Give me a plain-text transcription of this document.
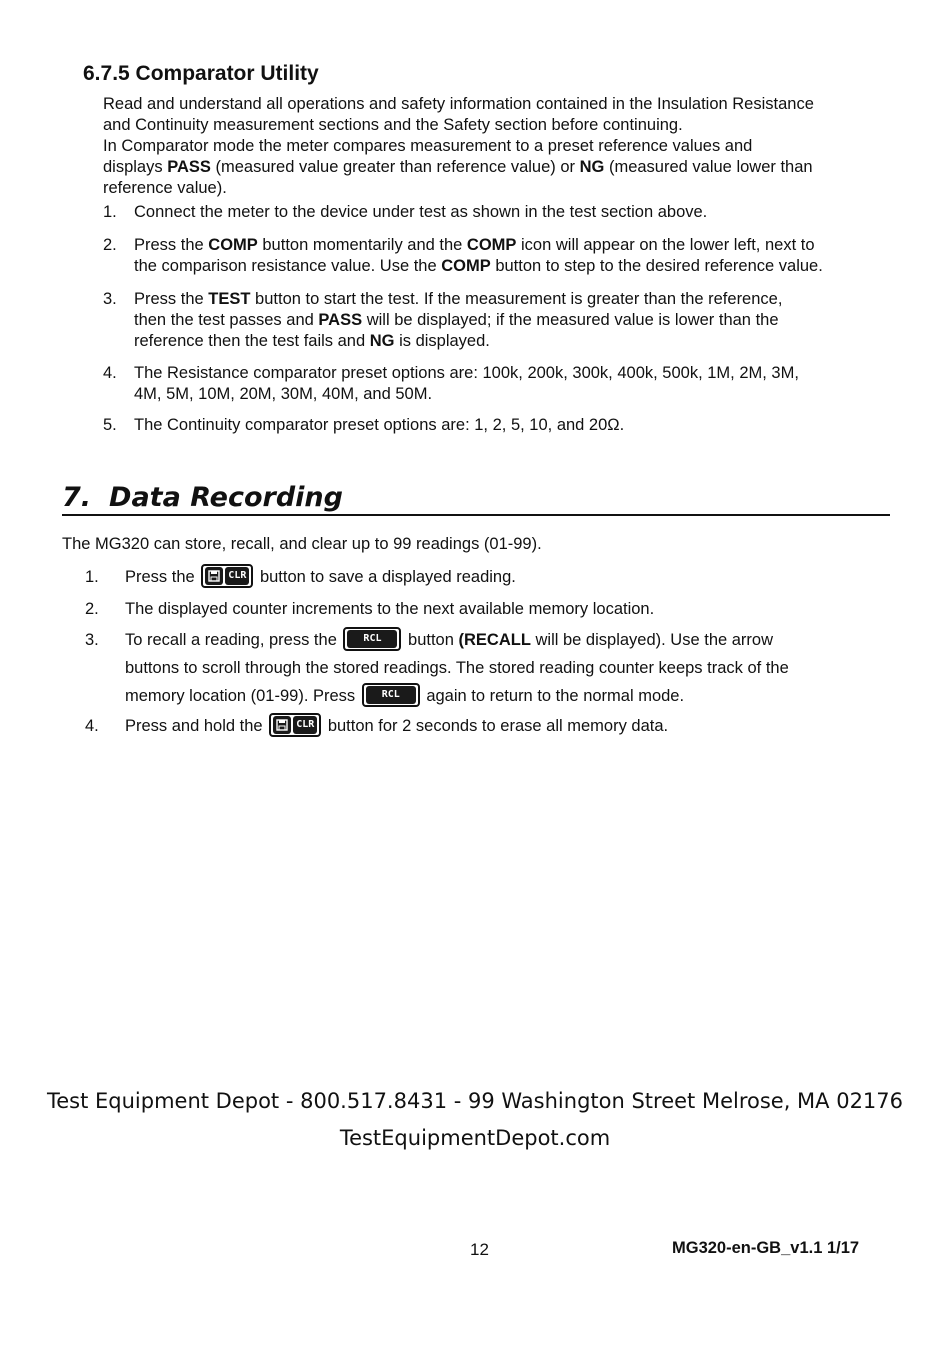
6.7.5 Comparator Utility
Read and understand all operations and safety information contained in the Insulation Resistance
and Continuity measurement sections and the Safety section before continuing.
In Comparator mode the meter compares measurement to a preset reference values and
displays PASS (measured value greater than reference value) or NG (measured value lower than
reference value).
1. Connect the meter to the device under test as shown in the test section above.
2. Press the COMP button momentarily and the COMP icon will appear on the lower left, next to
the comparison resistance value. Use the COMP button to step to the desired reference value.
3. Press the TEST button to start the test. If the measurement is greater than the reference,
then the test passes and PASS will be displayed; if the measured value is lower than the
reference then the test fails and NG is displayed.
4. The Resistance comparator preset options are: 100k, 200k, 300k, 400k, 500k, 1M, 2M, 3M,
4M, 5M, 10M, 20M, 30M, 40M, and 50M.
5. The Continuity comparator preset options are: 1, 2, 5, 10, and 20Ω.
7. Data Recording
The MG320 can store, recall, and clear up to 99 readings (01-99).
1. Press the	CLR button to save a displayed reading.
2. The displayed counter increments to the next available memory location.
3. To recall a reading, press the	RCL	button (RECALL will be displayed). Use the arrow
buttons to scroll through the stored readings. The stored reading counter keeps track of the
memory location (01-99). Press	RCL	again to return to the normal mode.
4. Press and hold the	CLR button for 2 seconds to erase all memory data.
Test Equipment Depot - 800.517.8431 - 99 Washington Street Melrose, MA 02176
TestEquipmentDepot.com
12	MG320-en-GB_v1.1 1/17
